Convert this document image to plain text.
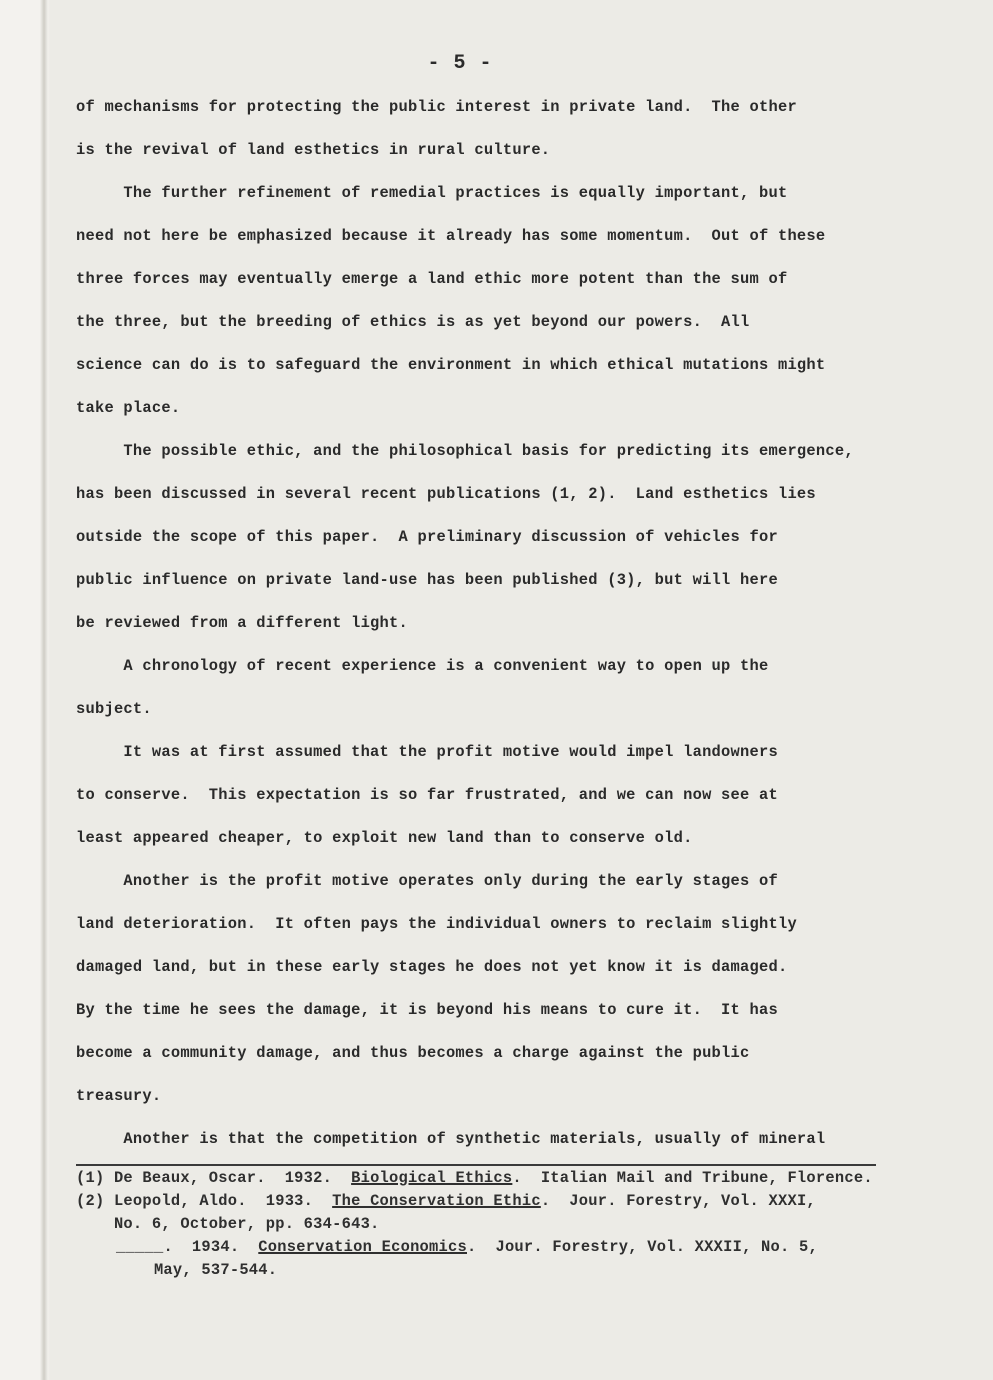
- 5 -
of mechanisms for protecting the public interest in private land.  The other
is the revival of land esthetics in rural culture.
The further refinement of remedial practices is equally important, but
need not here be emphasized because it already has some momentum.  Out of these
three forces may eventually emerge a land ethic more potent than the sum of
the three, but the breeding of ethics is as yet beyond our powers.  All
science can do is to safeguard the environment in which ethical mutations might
take place.
The possible ethic, and the philosophical basis for predicting its emergence,
has been discussed in several recent publications (1, 2).  Land esthetics lies
outside the scope of this paper.  A preliminary discussion of vehicles for
public influence on private land-use has been published (3), but will here
be reviewed from a different light.
A chronology of recent experience is a convenient way to open up the
subject.
It was at first assumed that the profit motive would impel landowners
to conserve.  This expectation is so far frustrated, and we can now see at
least appeared cheaper, to exploit new land than to conserve old.
Another is the profit motive operates only during the early stages of
land deterioration.  It often pays the individual owners to reclaim slightly
damaged land, but in these early stages he does not yet know it is damaged.
By the time he sees the damage, it is beyond his means to cure it.  It has
become a community damage, and thus becomes a charge against the public
treasury.
Another is that the competition of synthetic materials, usually of mineral
(1) De Beaux, Oscar.  1932.  Biological Ethics.  Italian Mail and Tribune, Florence.
(2) Leopold, Aldo.  1933.  The Conservation Ethic.  Jour. Forestry, Vol. XXXI,
No. 6, October, pp. 634-643.
_____.  1934.  Conservation Economics.  Jour. Forestry, Vol. XXXII, No. 5,
May, 537-544.
